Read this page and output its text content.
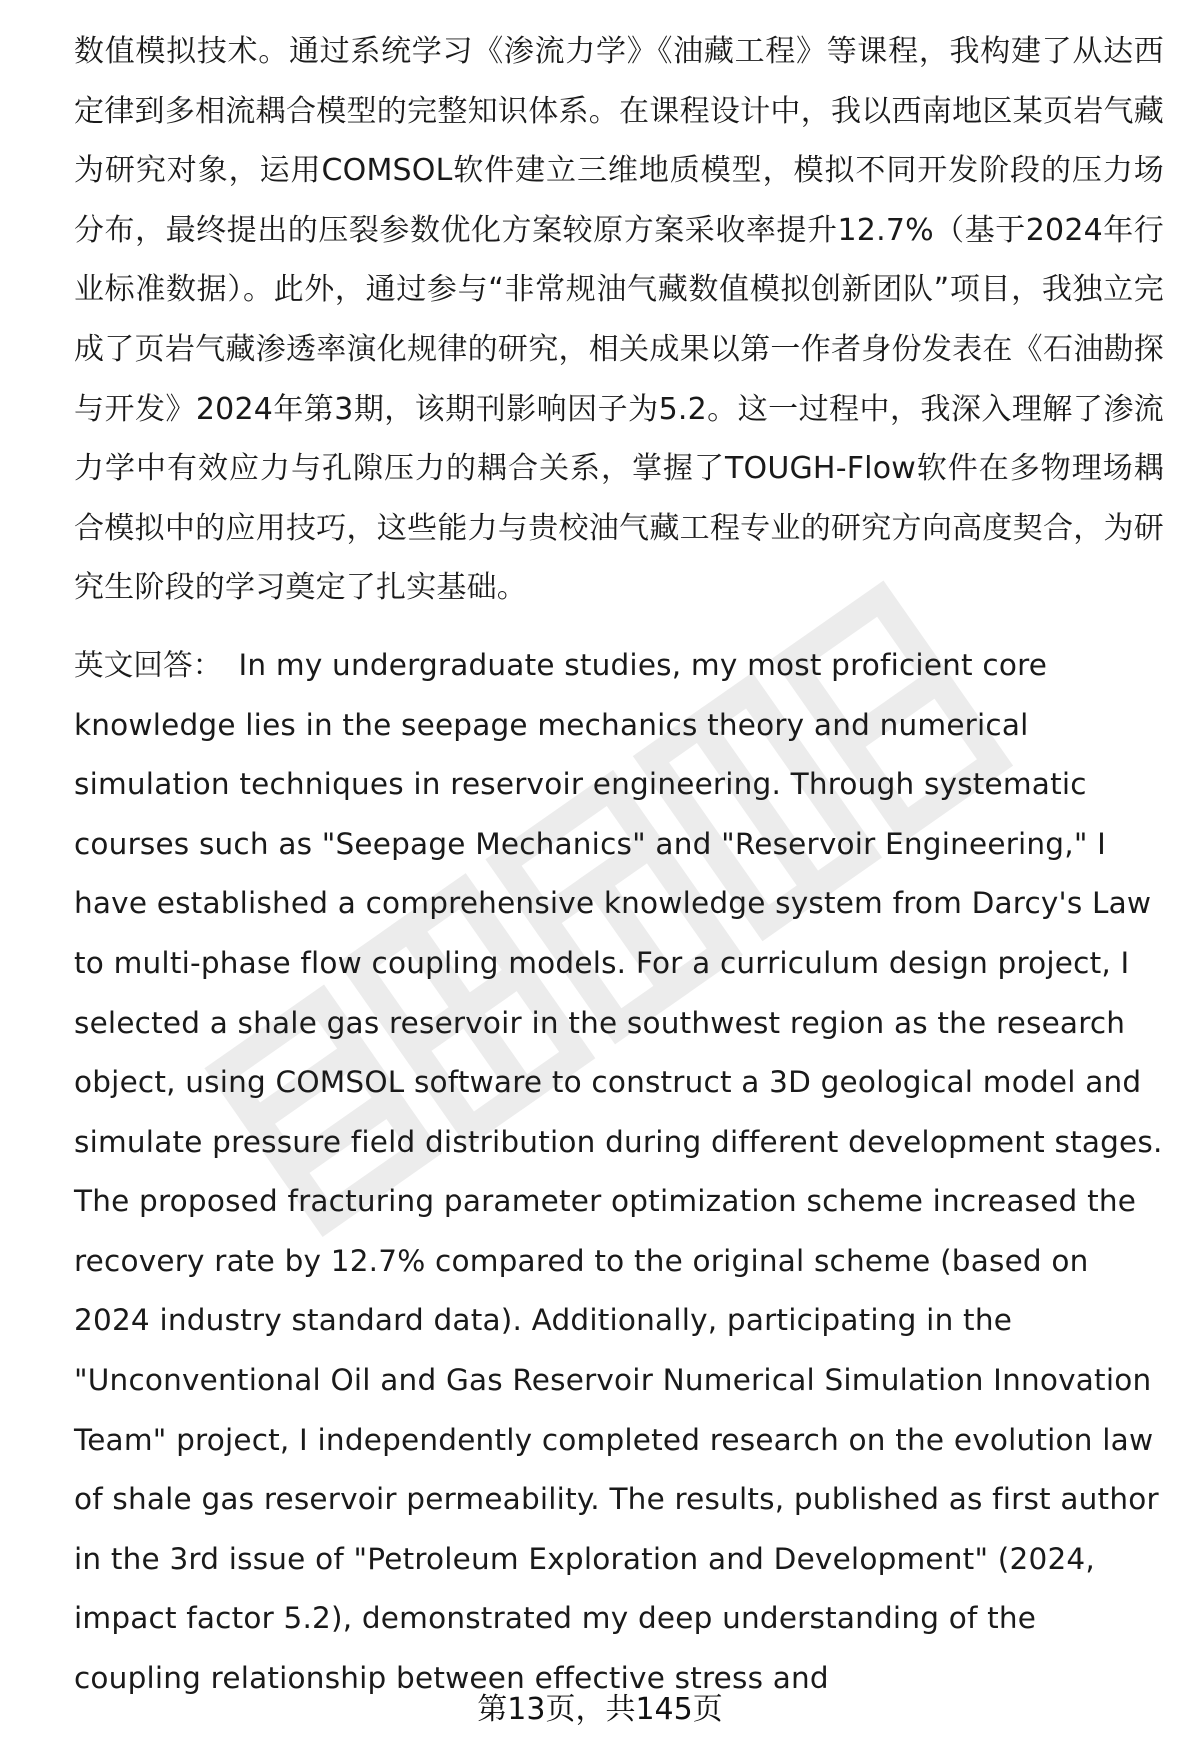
数值模拟技术。通过系统学习《渗流力学》《油藏工程》等课程，我构建了从达西定律到多相流耦合模型的完整知识体系。在课程设计中，我以西南地区某页岩气藏为研究对象，运用COMSOL软件建立三维地质模型，模拟不同开发阶段的压力场分布，最终提出的压裂参数优化方案较原方案采收率提升12.7%（基于2024年行业标准数据）。此外，通过参与“非常规油气藏数值模拟创新团队”项目，我独立完成了页岩气藏渗透率演化规律的研究，相关成果以第一作者身份发表在《石油勘探与开发》2024年第3期，该期刊影响因子为5.2。这一过程中，我深入理解了渗流力学中有效应力与孔隙压力的耦合关系，掌握了TOUGH-Flow软件在多物理场耦合模拟中的应用技巧，这些能力与贵校油气藏工程专业的研究方向高度契合，为研究生阶段的学习奠定了扎实基础。

英文回答： In my undergraduate studies, my most proficient core knowledge lies in the seepage mechanics theory and numerical simulation techniques in reservoir engineering. Through systematic courses such as "Seepage Mechanics" and "Reservoir Engineering," I have established a comprehensive knowledge system from Darcy's Law to multi-phase flow coupling models. For a curriculum design project, I selected a shale gas reservoir in the southwest region as the research object, using COMSOL software to construct a 3D geological model and simulate pressure field distribution during different development stages. The proposed fracturing parameter optimization scheme increased the recovery rate by 12.7% compared to the original scheme (based on 2024 industry standard data). Additionally, participating in the "Unconventional Oil and Gas Reservoir Numerical Simulation Innovation Team" project, I independently completed research on the evolution law of shale gas reservoir permeability. The results, published as first author in the 3rd issue of "Petroleum Exploration and Development" (2024, impact factor 5.2), demonstrated my deep understanding of the coupling relationship between effective stress and

第13页，共145页
